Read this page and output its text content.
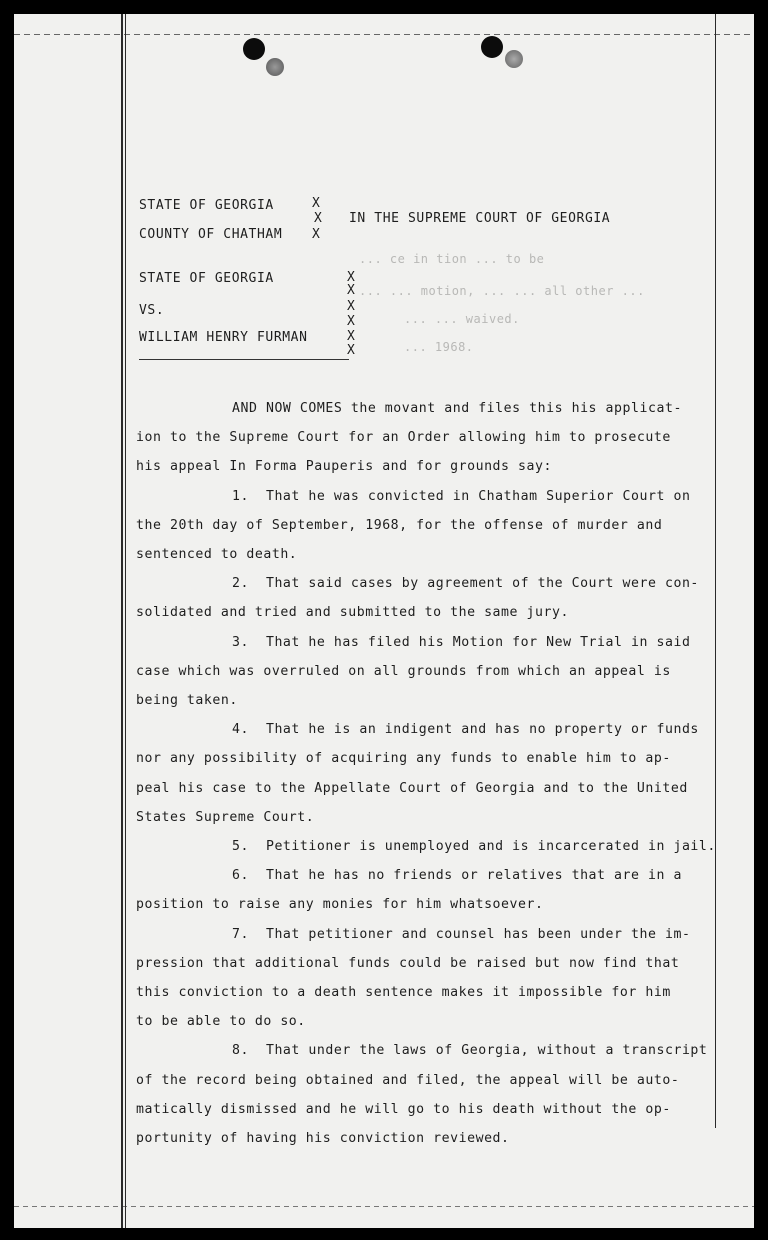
STATE OF GEORGIA	X
X IN THE SUPREME COURT OF GEORGIA
COUNTY OF CHATHAM X
STATE OF GEORGIA
VS.
WILLIAM HENRY FURMAN
X
X
X
X
X
X
... ce in tion ... to be
... ... motion, ... ... all other ...
... ... waived.
... 1968.
AND NOW COMES the movant and files this his applicat-
ion to the Supreme Court for an Order allowing him to prosecute
his appeal In Forma Pauperis and for grounds say:
1.  That he was convicted in Chatham Superior Court on
the 20th day of September, 1968, for the offense of murder and
sentenced to death.
2.  That said cases by agreement of the Court were con-
solidated and tried and submitted to the same jury.
3.  That he has filed his Motion for New Trial in said
case which was overruled on all grounds from which an appeal is
being taken.
4.  That he is an indigent and has no property or funds
nor any possibility of acquiring any funds to enable him to ap-
peal his case to the Appellate Court of Georgia and to the United
States Supreme Court.
5.  Petitioner is unemployed and is incarcerated in jail.
6.  That he has no friends or relatives that are in a
position to raise any monies for him whatsoever.
7.  That petitioner and counsel has been under the im-
pression that additional funds could be raised but now find that
this conviction to a death sentence makes it impossible for him
to be able to do so.
8.  That under the laws of Georgia, without a transcript
of the record being obtained and filed, the appeal will be auto-
matically dismissed and he will go to his death without the op-
portunity of having his conviction reviewed.
